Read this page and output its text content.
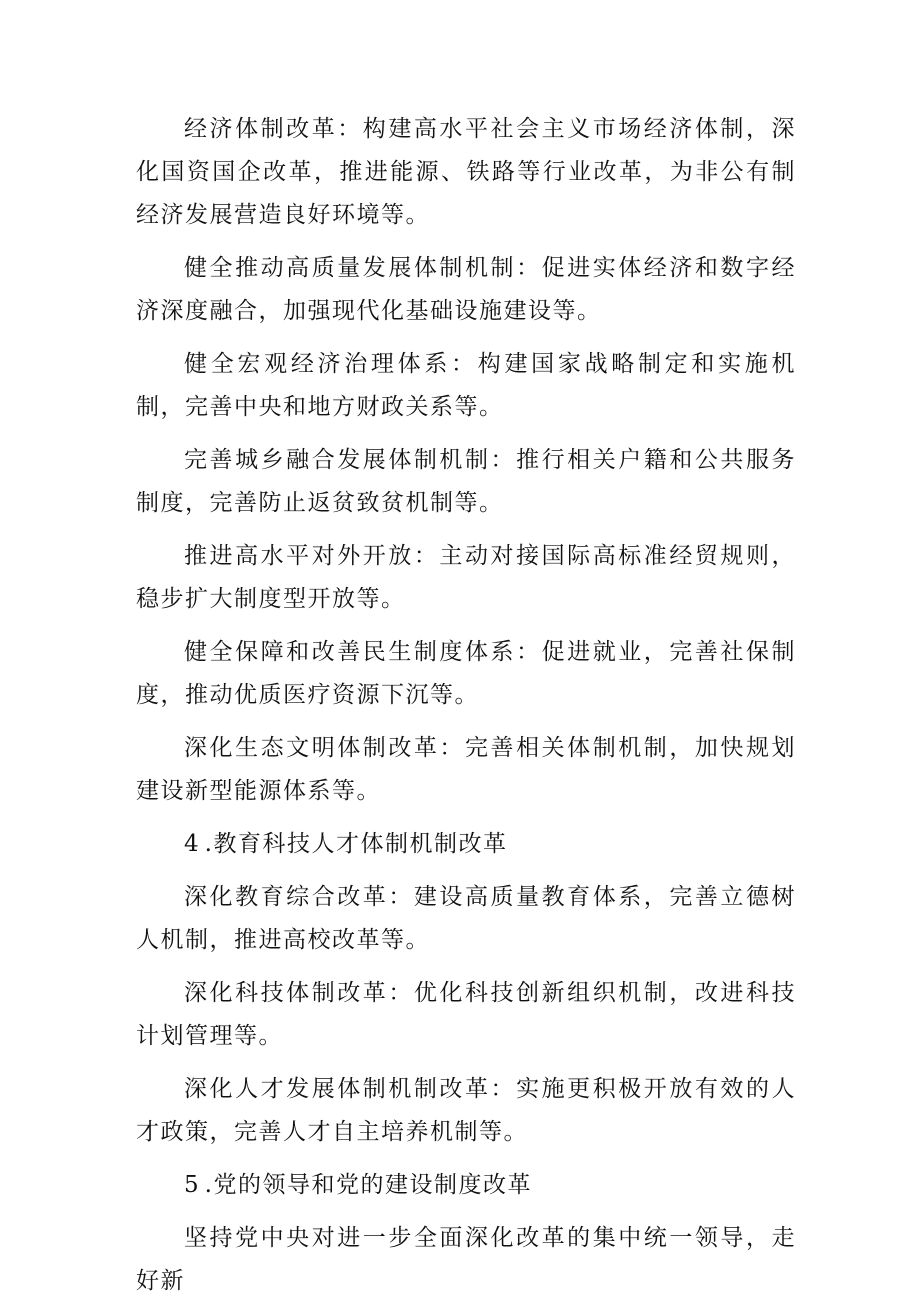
经济体制改革：构建高水平社会主义市场经济体制，深化国资国企改革，推进能源、铁路等行业改革，为非公有制经济发展营造良好环境等。

健全推动高质量发展体制机制：促进实体经济和数字经济深度融合，加强现代化基础设施建设等。

健全宏观经济治理体系：构建国家战略制定和实施机制，完善中央和地方财政关系等。

完善城乡融合发展体制机制：推行相关户籍和公共服务制度，完善防止返贫致贫机制等。

推进高水平对外开放：主动对接国际高标准经贸规则，稳步扩大制度型开放等。

健全保障和改善民生制度体系：促进就业，完善社保制度，推动优质医疗资源下沉等。

深化生态文明体制改革：完善相关体制机制，加快规划建设新型能源体系等。

4.教育科技人才体制机制改革

深化教育综合改革：建设高质量教育体系，完善立德树人机制，推进高校改革等。

深化科技体制改革：优化科技创新组织机制，改进科技计划管理等。

深化人才发展体制机制改革：实施更积极开放有效的人才政策，完善人才自主培养机制等。

5.党的领导和党的建设制度改革

坚持党中央对进一步全面深化改革的集中统一领导，走好新
